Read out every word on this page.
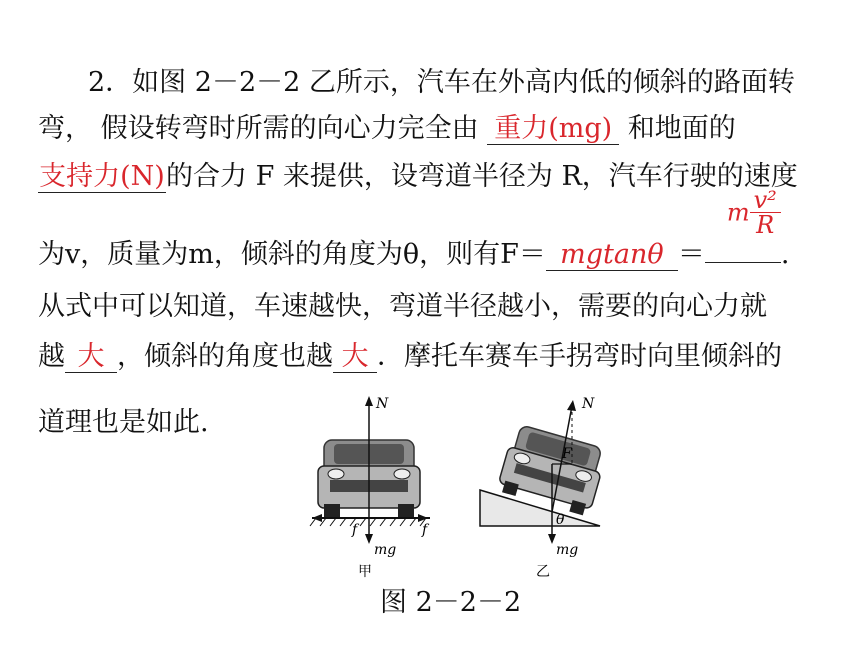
2．如图 2－2－2 乙所示，汽车在外高内低的倾斜的路面转
弯， 假设转弯时所需的向心力完全由 重力(mg) 和地面的
支持力(N)的合力 F 来提供，设弯道半径为 R，汽车行驶的速度
为v，质量为m，倾斜的角度为θ，则有F＝ mgtanθ ＝
m $\frac{\text{v²}}{R}$
.
从式中可以知道，车速越快，弯道半径越小，需要的向心力就
越 大 ，倾斜的角度也越 大 ．摩托车赛车手拐弯时向里倾斜的
道理也是如此.
N
f	f
mg
甲
N
F
θ
mg
乙
图 2－2－2
